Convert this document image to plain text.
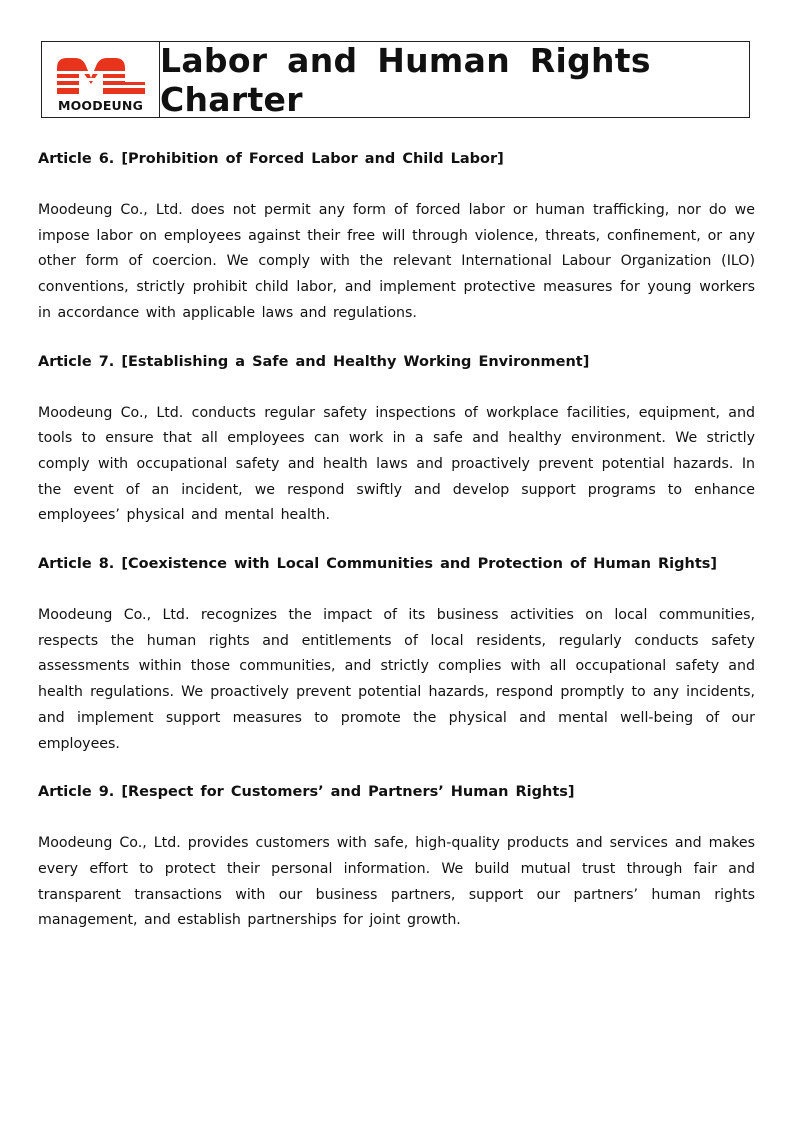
MOODEUNG
Labor and Human Rights Charter

Article 6. [Prohibition of Forced Labor and Child Labor]

Moodeung Co., Ltd. does not permit any form of forced labor or human trafficking, nor do we impose labor on employees against their free will through violence, threats, confinement, or any other form of coercion. We comply with the relevant International Labour Organization (ILO) conventions, strictly prohibit child labor, and implement protective measures for young workers in accordance with applicable laws and regulations.

Article 7. [Establishing a Safe and Healthy Working Environment]

Moodeung Co., Ltd. conducts regular safety inspections of workplace facilities, equipment, and tools to ensure that all employees can work in a safe and healthy environment. We strictly comply with occupational safety and health laws and proactively prevent potential hazards. In the event of an incident, we respond swiftly and develop support programs to enhance employees’ physical and mental health.

Article 8. [Coexistence with Local Communities and Protection of Human Rights]

Moodeung Co., Ltd. recognizes the impact of its business activities on local communities, respects the human rights and entitlements of local residents, regularly conducts safety assessments within those communities, and strictly complies with all occupational safety and health regulations. We proactively prevent potential hazards, respond promptly to any incidents, and implement support measures to promote the physical and mental well-being of our employees.

Article 9. [Respect for Customers’ and Partners’ Human Rights]

Moodeung Co., Ltd. provides customers with safe, high-quality products and services and makes every effort to protect their personal information. We build mutual trust through fair and transparent transactions with our business partners, support our partners’ human rights management, and establish partnerships for joint growth.
